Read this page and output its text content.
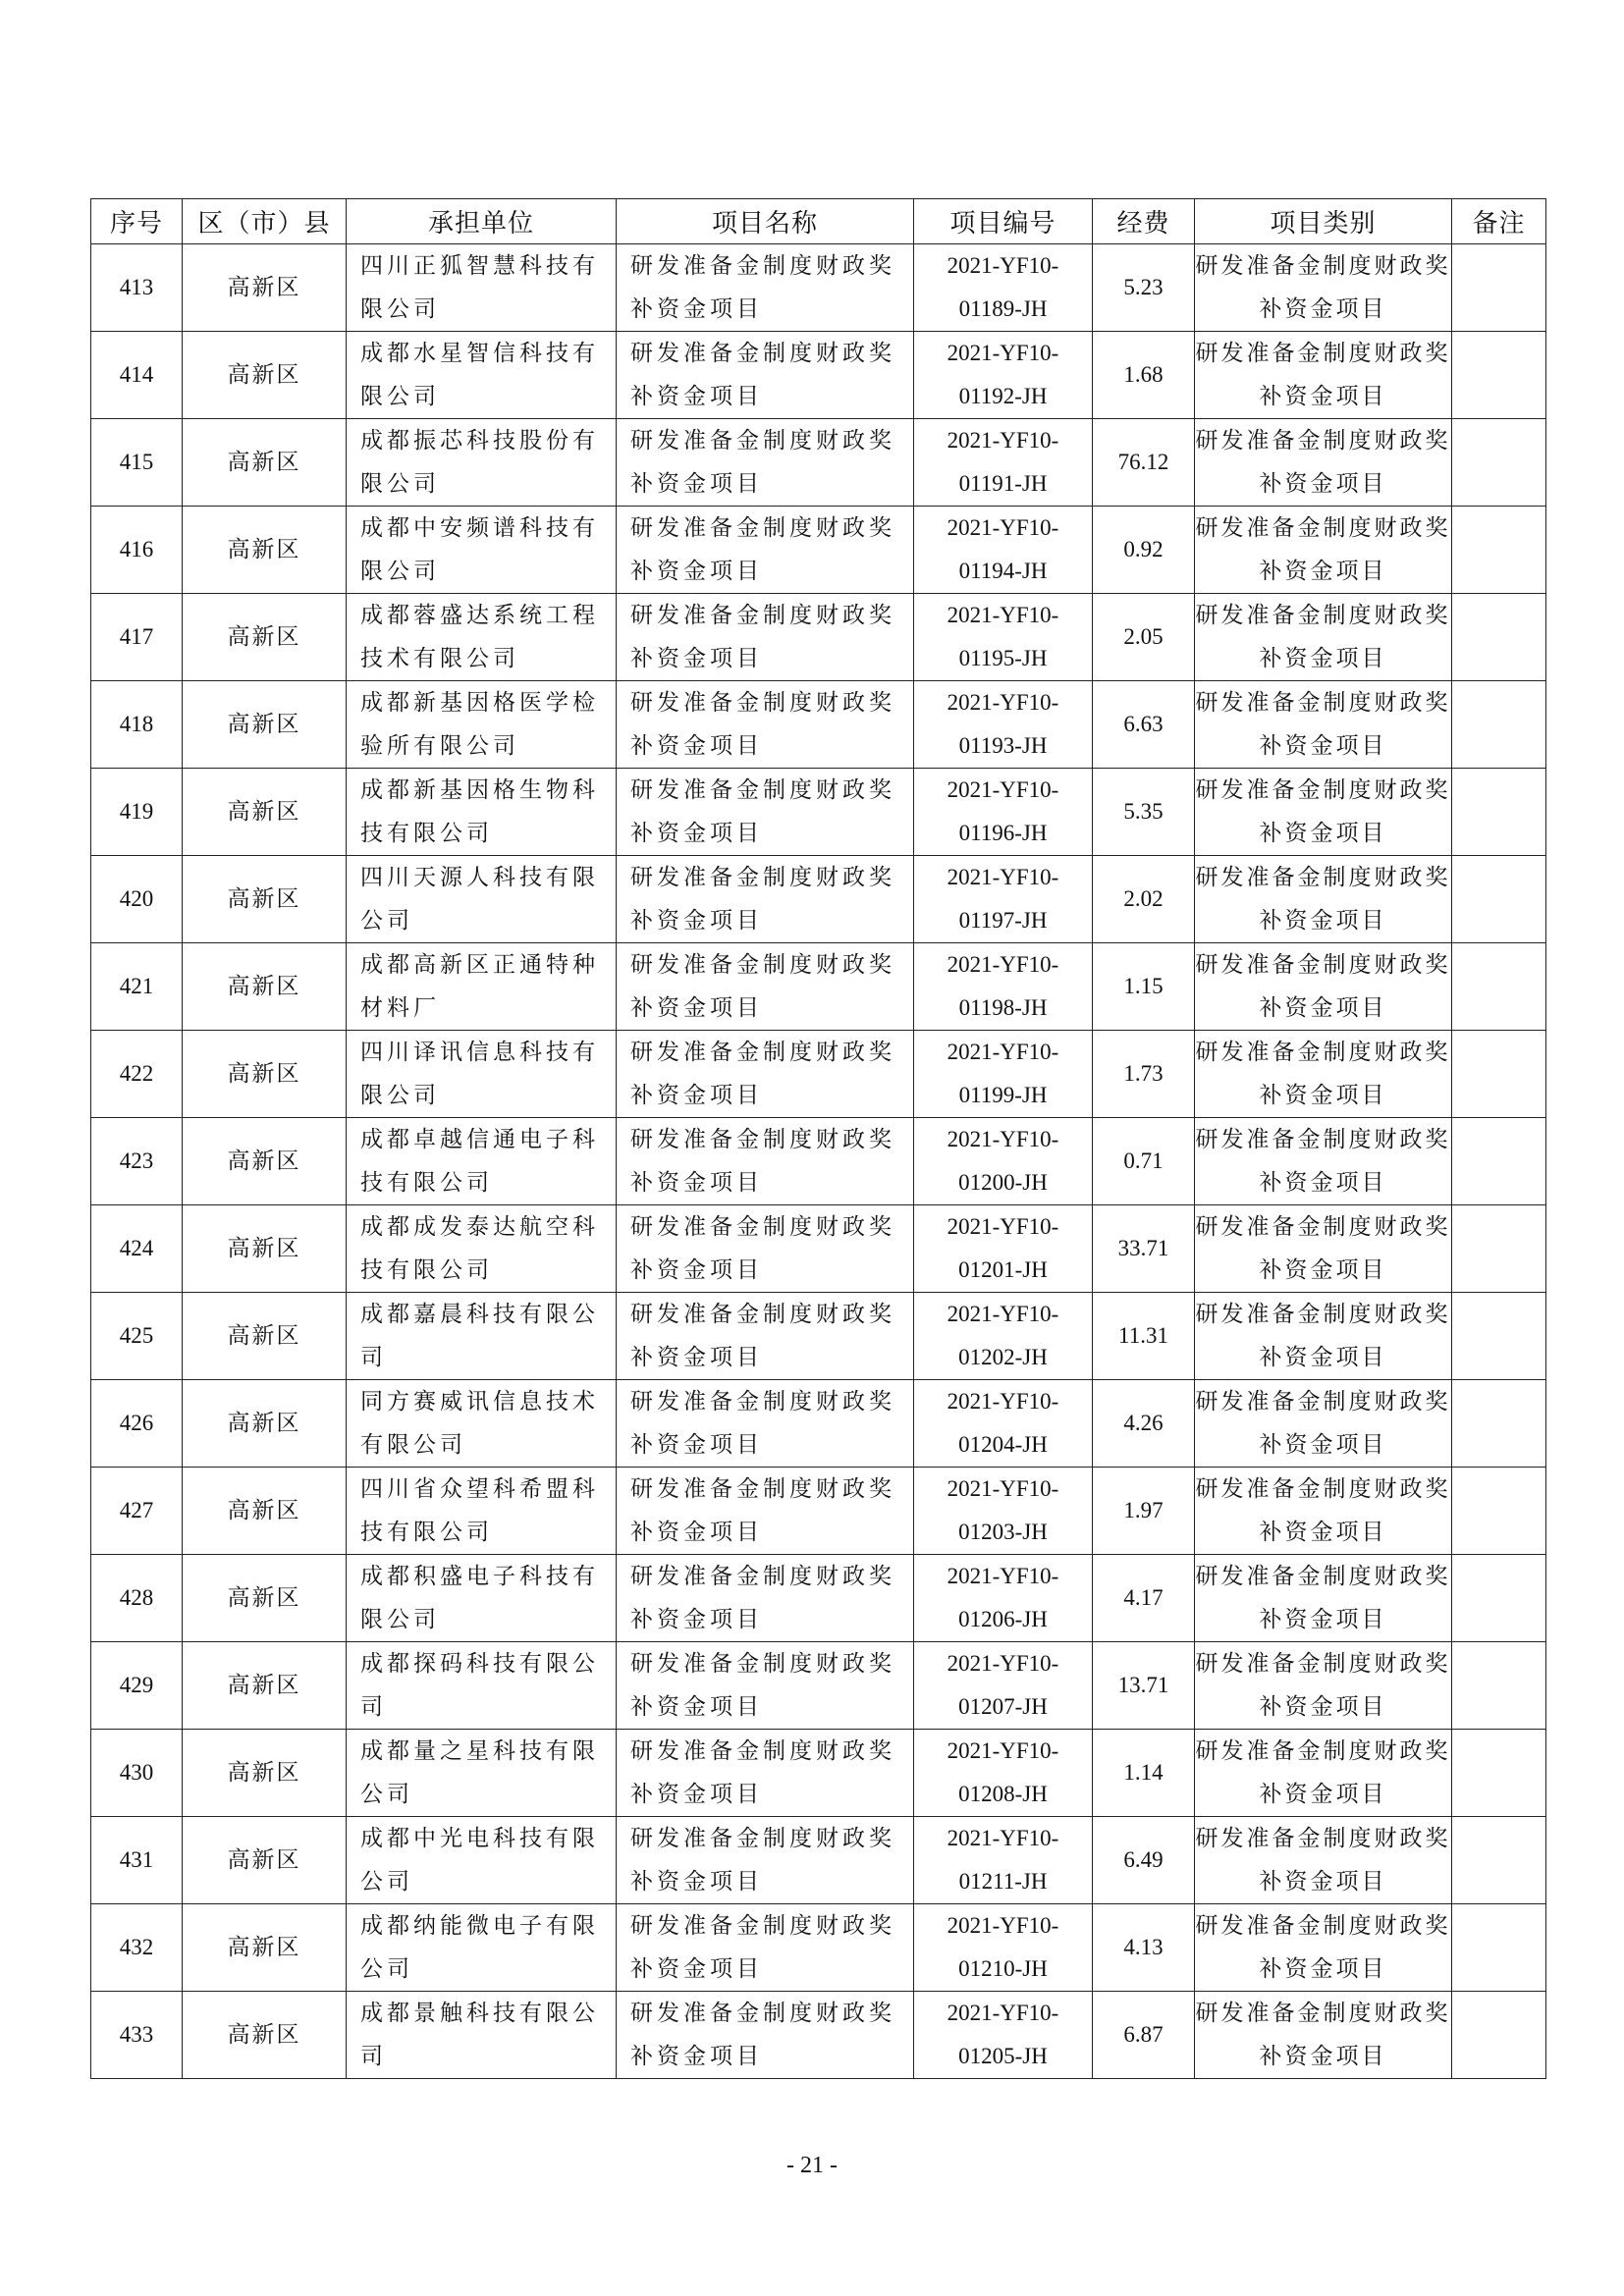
序号	区（市）县	承担单位	项目名称	项目编号	经费	项目类别	备注
413	高新区	四川正狐智慧科技有限公司	研发准备金制度财政奖补资金项目	2021-YF10-
01189-JH	5.23	研发准备金制度财政奖补资金项目	

414	高新区	成都水星智信科技有限公司	研发准备金制度财政奖补资金项目	2021-YF10-
01192-JH	1.68	研发准备金制度财政奖补资金项目	

415	高新区	成都振芯科技股份有限公司	研发准备金制度财政奖补资金项目	2021-YF10-
01191-JH	76.12	研发准备金制度财政奖补资金项目	

416	高新区	成都中安频谱科技有限公司	研发准备金制度财政奖补资金项目	2021-YF10-
01194-JH	0.92	研发准备金制度财政奖补资金项目	

417	高新区	成都蓉盛达系统工程技术有限公司	研发准备金制度财政奖补资金项目	2021-YF10-
01195-JH	2.05	研发准备金制度财政奖补资金项目	

418	高新区	成都新基因格医学检验所有限公司	研发准备金制度财政奖补资金项目	2021-YF10-
01193-JH	6.63	研发准备金制度财政奖补资金项目	

419	高新区	成都新基因格生物科技有限公司	研发准备金制度财政奖补资金项目	2021-YF10-
01196-JH	5.35	研发准备金制度财政奖补资金项目	

420	高新区	四川天源人科技有限公司	研发准备金制度财政奖补资金项目	2021-YF10-
01197-JH	2.02	研发准备金制度财政奖补资金项目	

421	高新区	成都高新区正通特种材料厂	研发准备金制度财政奖补资金项目	2021-YF10-
01198-JH	1.15	研发准备金制度财政奖补资金项目	

422	高新区	四川译讯信息科技有限公司	研发准备金制度财政奖补资金项目	2021-YF10-
01199-JH	1.73	研发准备金制度财政奖补资金项目	

423	高新区	成都卓越信通电子科技有限公司	研发准备金制度财政奖补资金项目	2021-YF10-
01200-JH	0.71	研发准备金制度财政奖补资金项目	

424	高新区	成都成发泰达航空科技有限公司	研发准备金制度财政奖补资金项目	2021-YF10-
01201-JH	33.71	研发准备金制度财政奖补资金项目	

425	高新区	成都嘉晨科技有限公司	研发准备金制度财政奖补资金项目	2021-YF10-
01202-JH	11.31	研发准备金制度财政奖补资金项目	

426	高新区	同方赛威讯信息技术有限公司	研发准备金制度财政奖补资金项目	2021-YF10-
01204-JH	4.26	研发准备金制度财政奖补资金项目	

427	高新区	四川省众望科希盟科技有限公司	研发准备金制度财政奖补资金项目	2021-YF10-
01203-JH	1.97	研发准备金制度财政奖补资金项目	

428	高新区	成都积盛电子科技有限公司	研发准备金制度财政奖补资金项目	2021-YF10-
01206-JH	4.17	研发准备金制度财政奖补资金项目	

429	高新区	成都探码科技有限公司	研发准备金制度财政奖补资金项目	2021-YF10-
01207-JH	13.71	研发准备金制度财政奖补资金项目	

430	高新区	成都量之星科技有限公司	研发准备金制度财政奖补资金项目	2021-YF10-
01208-JH	1.14	研发准备金制度财政奖补资金项目	

431	高新区	成都中光电科技有限公司	研发准备金制度财政奖补资金项目	2021-YF10-
01211-JH	6.49	研发准备金制度财政奖补资金项目	

432	高新区	成都纳能微电子有限公司	研发准备金制度财政奖补资金项目	2021-YF10-
01210-JH	4.13	研发准备金制度财政奖补资金项目	

433	高新区	成都景触科技有限公司	研发准备金制度财政奖补资金项目	2021-YF10-
01205-JH	6.87	研发准备金制度财政奖补资金项目	

- 21 -
